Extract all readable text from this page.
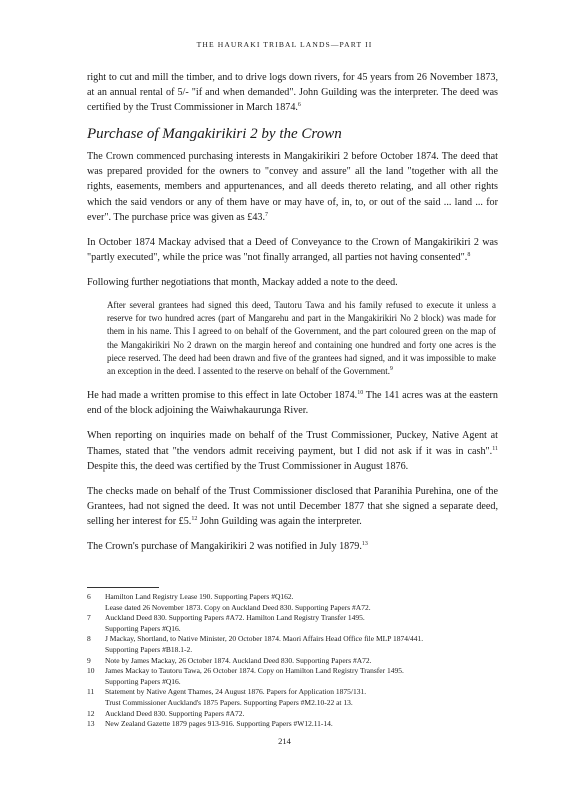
THE HAURAKI TRIBAL LANDS—PART II

right to cut and mill the timber, and to drive logs down rivers, for 45 years from 26 November 1873, at an annual rental of 5/- "if and when demanded". John Guilding was the interpreter. The deed was certified by the Trust Commissioner in March 1874.$^6$

Purchase of Mangakirikiri 2 by the Crown

The Crown commenced purchasing interests in Mangakirikiri 2 before October 1874. The deed that was prepared provided for the owners to "convey and assure" all the land "together with all the rights, easements, members and appurtenances, and all deeds thereto relating, and all other rights which the said vendors or any of them have or may have of, in, to, or out of the said ... land ... for ever". The purchase price was given as £43.$^7$

In October 1874 Mackay advised that a Deed of Conveyance to the Crown of Mangakirikiri 2 was "partly executed", while the price was "not finally arranged, all parties not having consented".$^8$

Following further negotiations that month, Mackay added a note to the deed.

After several grantees had signed this deed, Tautoru Tawa and his family refused to execute it unless a reserve for two hundred acres (part of Mangarehu and part in the Mangakirikiri No 2 block) was made for them in his name. This I agreed to on behalf of the Government, and the part coloured green on the map of the Mangakirikiri No 2 drawn on the margin hereof and containing one hundred and forty one acres is the piece reserved. The deed had been drawn and five of the grantees had signed, and it was impossible to make an exception in the deed. I assented to the reserve on behalf of the Government.$^9$

He had made a written promise to this effect in late October 1874.10 The 141 acres was at the eastern end of the block adjoining the Waiwhakaurunga River.

When reporting on inquiries made on behalf of the Trust Commissioner, Puckey, Native Agent at Thames, stated that "the vendors admit receiving payment, but I did not ask if it was in cash".$^{11}$ Despite this, the deed was certified by the Trust Commissioner in August 1876.

The checks made on behalf of the Trust Commissioner disclosed that Paranihia Purehina, one of the Grantees, had not signed the deed. It was not until December 1877 that she signed a separate deed, selling her interest for £5.12 John Guilding was again the interpreter.

The Crown's purchase of Mangakirikiri 2 was notified in July 1879.13

6	Hamilton Land Registry Lease 190. Supporting Papers #Q162.
Lease dated 26 November 1873. Copy on Auckland Deed 830. Supporting Papers #A72.
7	Auckland Deed 830. Supporting Papers #A72. Hamilton Land Registry Transfer 1495.
Supporting Papers #Q16.
8	J Mackay, Shortland, to Native Minister, 20 October 1874. Maori Affairs Head Office file MLP 1874/441.
Supporting Papers #B18.1-2.
9	Note by James Mackay, 26 October 1874. Auckland Deed 830. Supporting Papers #A72.
10	James Mackay to Tautoru Tawa, 26 October 1874. Copy on Hamilton Land Registry Transfer 1495.
Supporting Papers #Q16.
11	Statement by Native Agent Thames, 24 August 1876. Papers for Application 1875/131.
Trust Commissioner Auckland's 1875 Papers. Supporting Papers #M2.10-22 at 13.
12	Auckland Deed 830. Supporting Papers #A72.
13	New Zealand Gazette 1879 pages 913-916. Supporting Papers #W12.11-14.
214
